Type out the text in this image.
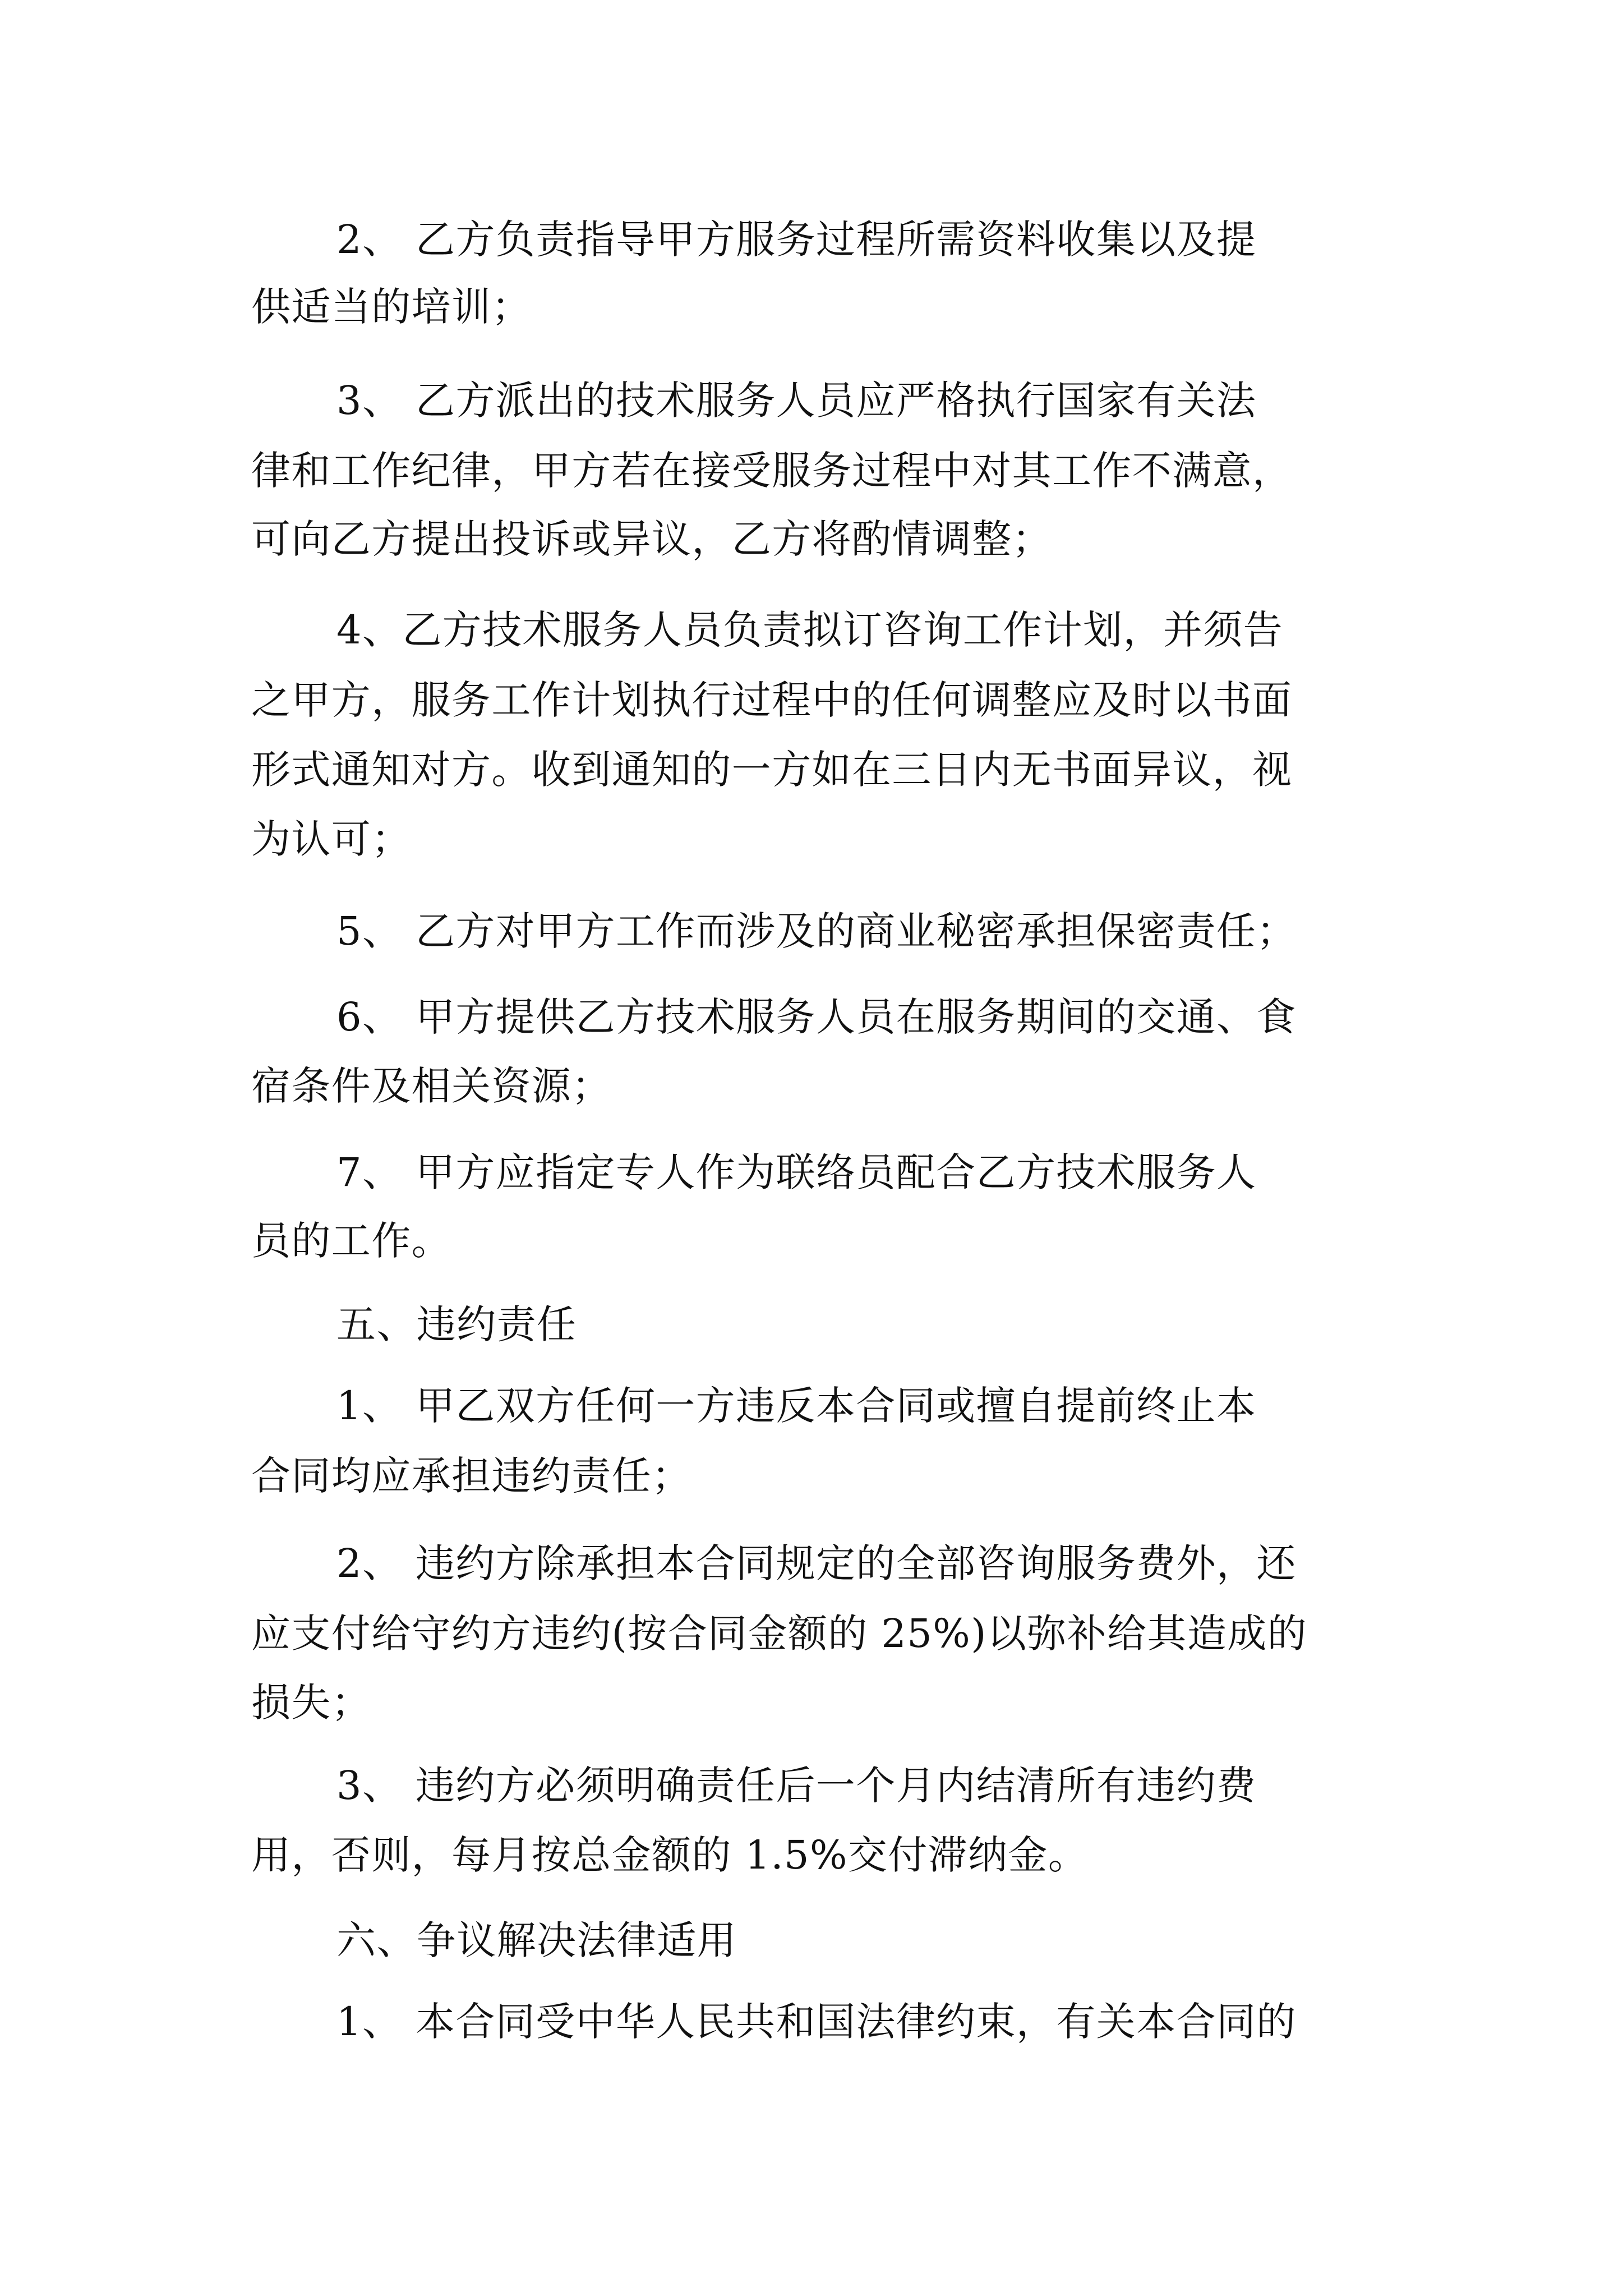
2、 乙方负责指导甲方服务过程所需资料收集以及提
供适当的培训；
3、 乙方派出的技术服务人员应严格执行国家有关法
律和工作纪律，甲方若在接受服务过程中对其工作不满意，
可向乙方提出投诉或异议，乙方将酌情调整；
4、乙方技术服务人员负责拟订咨询工作计划，并须告
之甲方，服务工作计划执行过程中的任何调整应及时以书面
形式通知对方。收到通知的一方如在三日内无书面异议，视
为认可；
5、 乙方对甲方工作而涉及的商业秘密承担保密责任；
6、 甲方提供乙方技术服务人员在服务期间的交通、食
宿条件及相关资源；
7、 甲方应指定专人作为联络员配合乙方技术服务人
员的工作。
五、违约责任
1、 甲乙双方任何一方违反本合同或擅自提前终止本
合同均应承担违约责任；
2、 违约方除承担本合同规定的全部咨询服务费外，还
应支付给守约方违约(按合同金额的 25%)以弥补给其造成的
损失；
3、 违约方必须明确责任后一个月内结清所有违约费
用，否则，每月按总金额的 1.5%交付滞纳金。
六、争议解决法律适用
1、 本合同受中华人民共和国法律约束，有关本合同的
